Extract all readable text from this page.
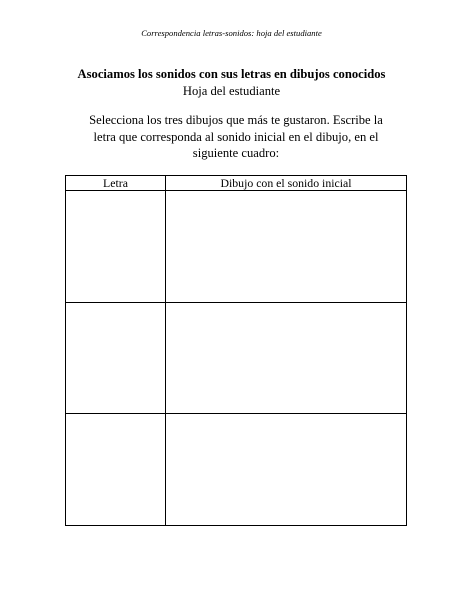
Correspondencia letras-sonidos: hoja del estudiante
Asociamos los sonidos con sus letras en dibujos conocidos
Hoja del estudiante
Selecciona los tres dibujos que más te gustaron. Escribe la
letra que corresponda al sonido inicial en el dibujo, en el
siguiente cuadro:
Letra	Dibujo con el sonido inicial
